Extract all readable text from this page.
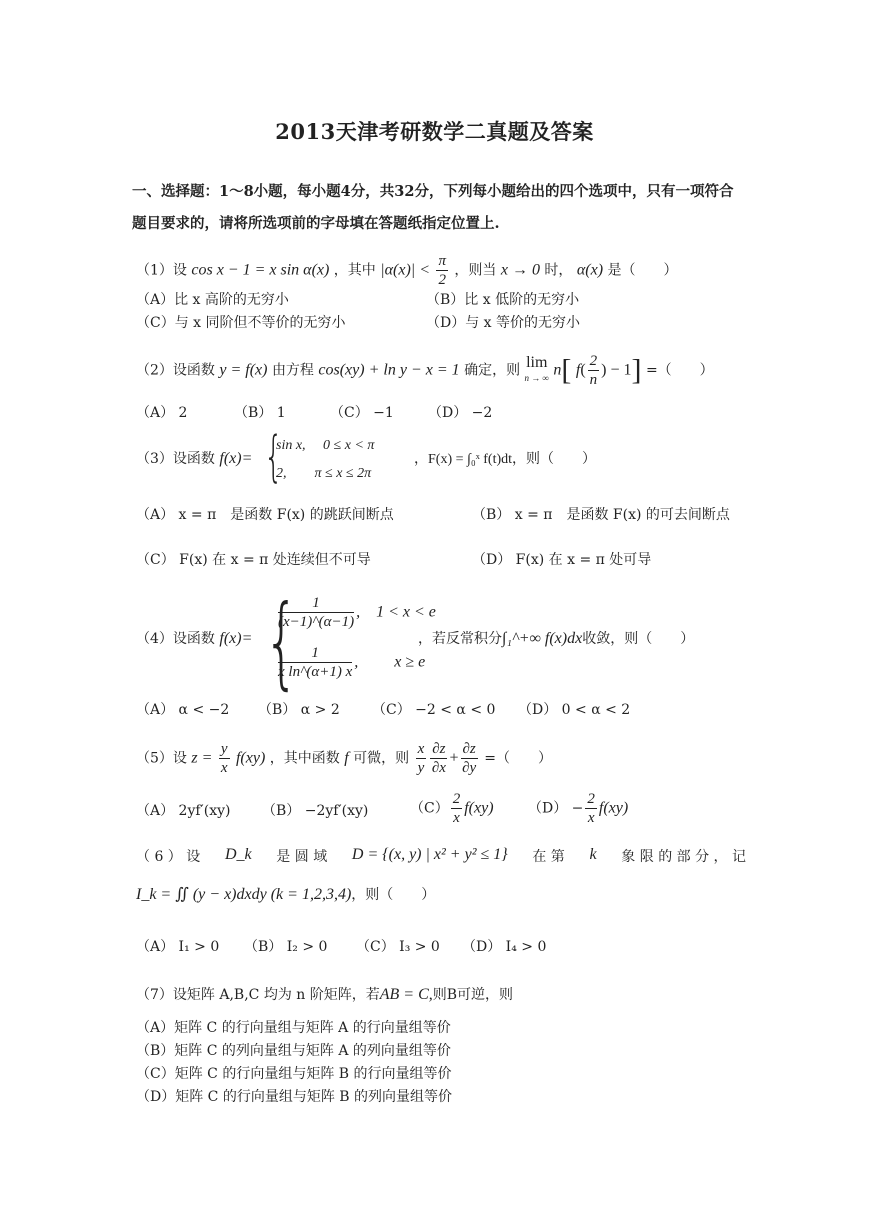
2013天津考研数学二真题及答案
一、选择题：1～8小题，每小题4分，共32分，下列每小题给出的四个选项中，只有一项符合题目要求的，请将所选项前的字母填在答题纸指定位置上.
（1）设 cos x − 1 = x sin α(x) ，其中 $|\alpha(x)| < \frac{\pi}{2}$ ，则当 x → 0 时， α(x) 是（　　）
（A）比 x 高阶的无穷小	（B）比 x 低阶的无穷小
（C）与 x 同阶但不等价的无穷小	（D）与 x 等价的无穷小
（2）设函数 y = f(x) 由方程 cos(xy) + ln y − x = 1 确定，则 lim
n → ∞ n[ $f( \frac{2}{n}$ ) − 1] =（　　）
（A） 2	（B） 1	（C） −1 （D） −2
（3）设函数 f(x)= {
sin x,　 0 ≤ x < π
2,　　π ≤ x ≤ 2π
，F(x) = ∫₀ˣ f(t)dt，则（　　）
（A） x = π　是函数 F(x) 的跳跃间断点	（B） x = π　是函数 F(x) 的可去间断点
（C） F(x) 在 x = π 处连续但不可导	（D） F(x) 在 x = π 处可导
（4）设函数 f(x)= {
$\frac{1}{(x-1)\^{}(\alpha-1)}$ ,　1 < x < e
$\frac{1}{\text{x ln\textasciicircum{}(α+1) x}}$ ,　　 x ≥ e
，若反常积分∫₁^+∞ f(x)dx收敛，则（　　）
（A） α < −2 （B） α > 2 （C） −2 < α < 0 （D） 0 < α < 2
（5）设 $z = \frac{y}{x} f(xy)$ ，其中函数 f 可微，则 $\frac{x}{y} \frac{\partial z}{\partial x} + \frac{\partial z}{\partial y}$ =（　　）
（A） 2yf′(xy) （B） −2yf′(xy)	$(C) \frac{2}{x} f(xy) (D) - \frac{2}{x} f(xy)$
（ 6 ） 设 D_k 是 圆 域 D = {(x, y) | x² + y² ≤ 1} 在 第 k 象 限 的 部 分 ， 记
I_k = ∬ (y − x)dxdy (k = 1,2,3,4)，则（　　）
（A） I₁ > 0 （B） I₂ > 0 （C） I₃ > 0 （D） I₄ > 0
（7）设矩阵 A,B,C 均为 n 阶矩阵，若AB = C,则B可逆，则
（A）矩阵 C 的行向量组与矩阵 A 的行向量组等价
（B）矩阵 C 的列向量组与矩阵 A 的列向量组等价
（C）矩阵 C 的行向量组与矩阵 B 的行向量组等价
（D）矩阵 C 的行向量组与矩阵 B 的列向量组等价
